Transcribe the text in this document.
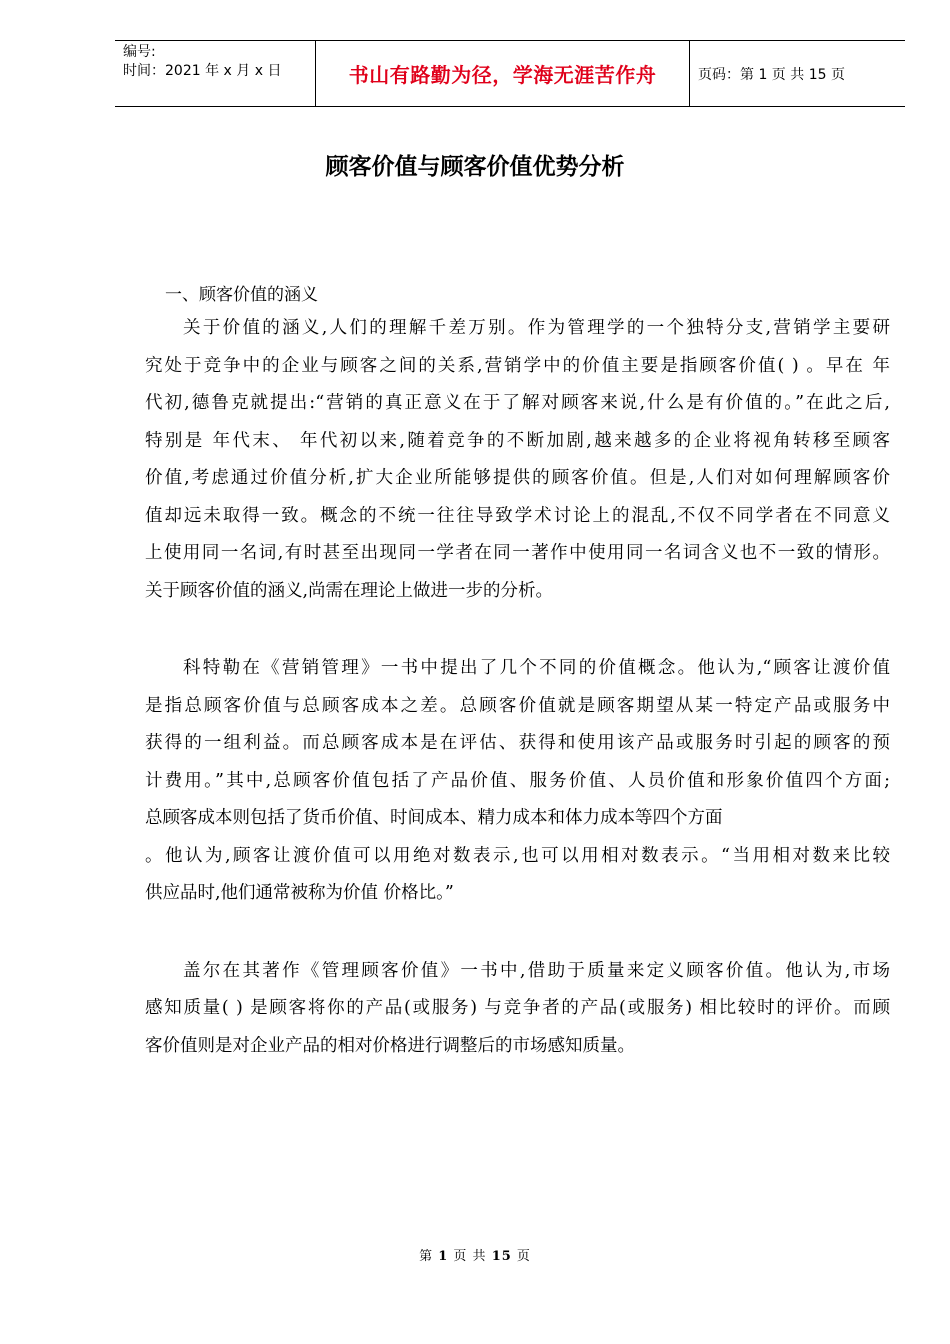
编号:
时间：2021 年 x 月 x 日	书山有路勤为径，学海无涯苦作舟	页码：第 1 页 共 15 页
顾客价值与顾客价值优势分析
一、顾客价值的涵义
关于价值的涵义,人们的理解千差万别。作为管理学的一个独特分支,营销学主要研
究处于竞争中的企业与顾客之间的关系,营销学中的价值主要是指顾客价值( ) 。早在 年
代初,德鲁克就提出:“营销的真正意义在于了解对顾客来说,什么是有价值的。”在此之后,
特别是 年代末、 年代初以来,随着竞争的不断加剧,越来越多的企业将视角转移至顾客
价值,考虑通过价值分析,扩大企业所能够提供的顾客价值。但是,人们对如何理解顾客价
值却远未取得一致。概念的不统一往往导致学术讨论上的混乱,不仅不同学者在不同意义
上使用同一名词,有时甚至出现同一学者在同一著作中使用同一名词含义也不一致的情形。
关于顾客价值的涵义,尚需在理论上做进一步的分析。
科特勒在《营销管理》一书中提出了几个不同的价值概念。他认为,“顾客让渡价值
是指总顾客价值与总顾客成本之差。总顾客价值就是顾客期望从某一特定产品或服务中
获得的一组利益。而总顾客成本是在评估、获得和使用该产品或服务时引起的顾客的预
计费用。”其中,总顾客价值包括了产品价值、服务价值、人员价值和形象价值四个方面;
总顾客成本则包括了货币价值、时间成本、精力成本和体力成本等四个方面
。他认为,顾客让渡价值可以用绝对数表示,也可以用相对数表示。“当用相对数来比较
供应品时,他们通常被称为价值 价格比。”
盖尔在其著作《管理顾客价值》一书中,借助于质量来定义顾客价值。他认为,市场
感知质量( ) 是顾客将你的产品(或服务) 与竞争者的产品(或服务) 相比较时的评价。而顾
客价值则是对企业产品的相对价格进行调整后的市场感知质量。
第 1 页 共 15 页
